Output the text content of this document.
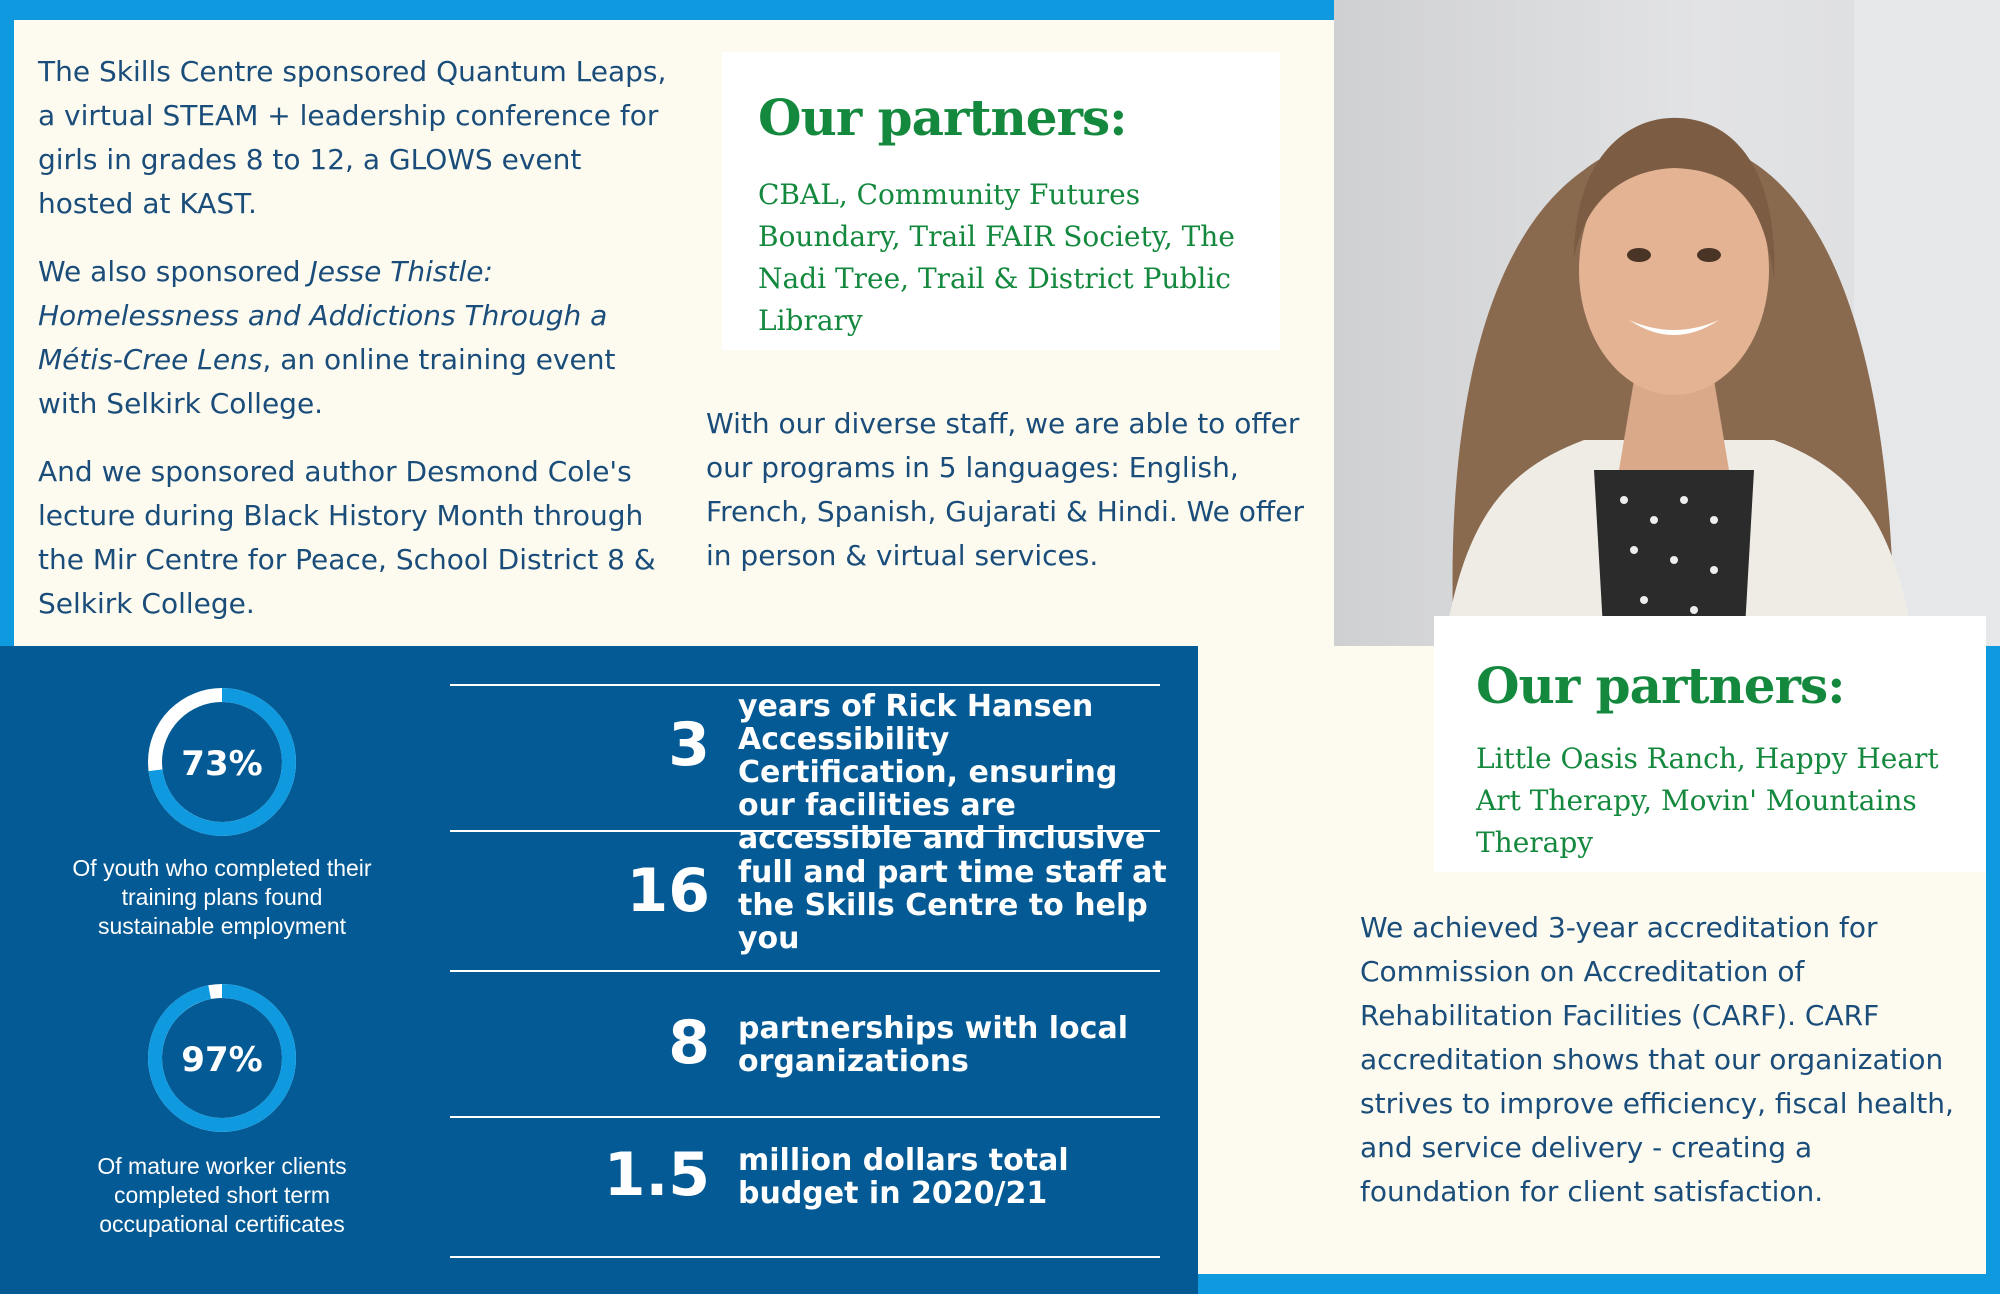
The Skills Centre sponsored Quantum Leaps, a virtual STEAM + leadership conference for girls in grades 8 to 12, a GLOWS event hosted at KAST.

We also sponsored Jesse Thistle: Homelessness and Addictions Through a Métis-Cree Lens, an online training event with Selkirk College.

And we sponsored author Desmond Cole's lecture during Black History Month through the Mir Centre for Peace, School District 8 & Selkirk College.

Our partners:

CBAL, Community Futures Boundary, Trail FAIR Society, The Nadi Tree, Trail & District Public Library

With our diverse staff, we are able to offer our programs in 5 languages: English, French, Spanish, Gujarati & Hindi. We offer in person & virtual services.
Our partners:

Little Oasis Ranch, Happy Heart Art Therapy, Movin' Mountains Therapy

We achieved 3-year accreditation for Commission on Accreditation of Rehabilitation Facilities (CARF). CARF accreditation shows that our organization strives to improve efficiency, fiscal health, and service delivery - creating a foundation for client satisfaction.
73%
Of youth who completed their training plans found sustainable employment
97%
Of mature worker clients completed short term occupational certificates
3
years of Rick Hansen Accessibility Certification, ensuring our facilities are accessible and inclusive
16 full and part time staff at the Skills Centre to help you
8 partnerships with local organizations
1.5 million dollars total budget in 2020/21
